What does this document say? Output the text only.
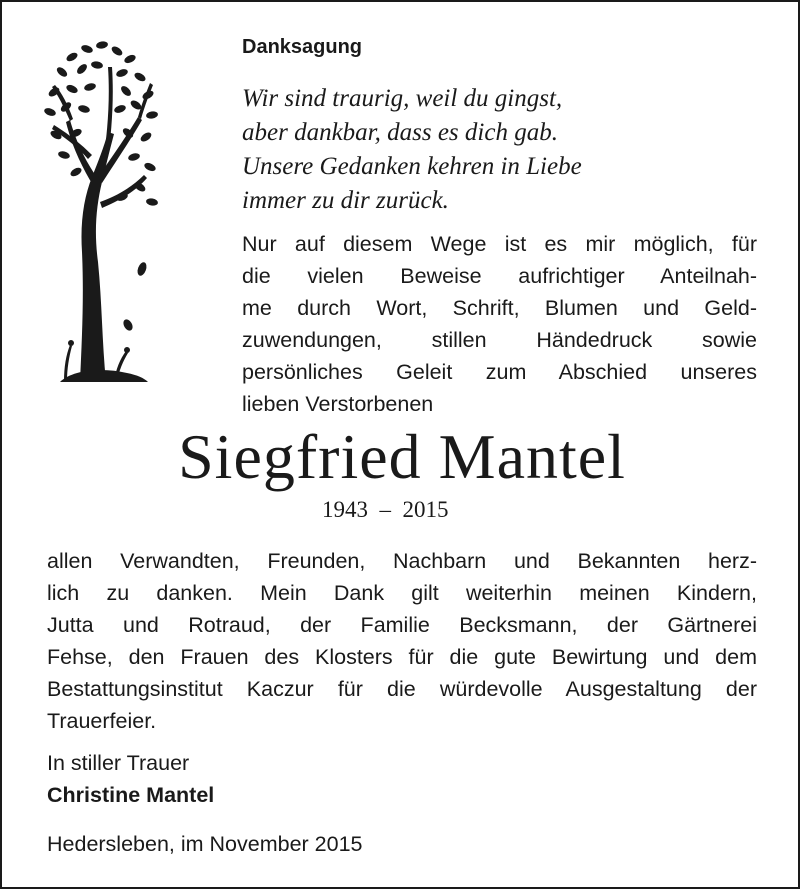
Danksagung
Wir sind traurig, weil du gingst,
aber dankbar, dass es dich gab.
Unsere Gedanken kehren in Liebe
immer zu dir zurück.
Nur auf diesem Wege ist es mir möglich, für
die vielen Beweise aufrichtiger Anteilnah-
me durch Wort, Schrift, Blumen und Geld-
zuwendungen, stillen Händedruck sowie
persönliches Geleit zum Abschied unseres
lieben Verstorbenen
Siegfried Mantel
1943  –  2015
allen Verwandten, Freunden, Nachbarn und Bekannten herz-
lich zu danken. Mein Dank gilt weiterhin meinen Kindern,
Jutta und Rotraud, der Familie Becksmann, der Gärtnerei
Fehse, den Frauen des Klosters für die gute Bewirtung und dem
Bestattungsinstitut Kaczur für die würdevolle Ausgestaltung der
Trauerfeier.
In stiller Trauer
Christine Mantel
Hedersleben, im November 2015
